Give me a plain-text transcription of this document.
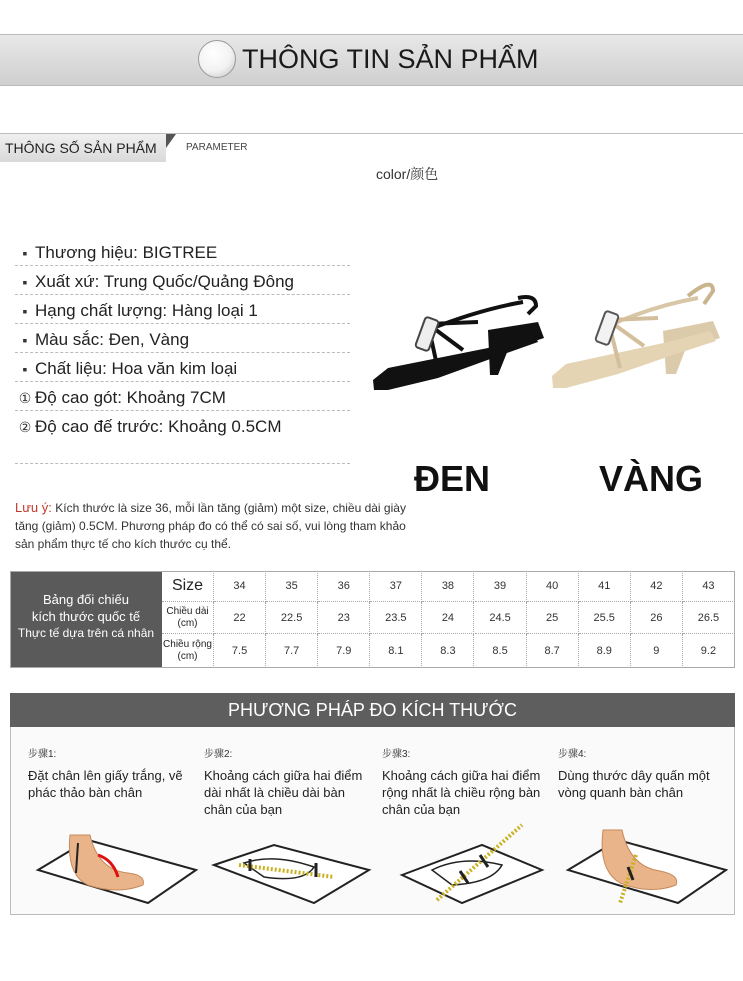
THÔNG TIN SẢN PHẨM
THÔNG SỐ SẢN PHẨM	PARAMETER
color/颜色
▪ Thương hiệu: BIGTREE
▪ Xuất xứ: Trung Quốc/Quảng Đông
▪ Hạng chất lượng: Hàng loại 1
▪ Màu sắc: Đen, Vàng
▪ Chất liệu: Hoa văn kim loại
① Độ cao gót: Khoảng 7CM
② Độ cao đế trước: Khoảng 0.5CM
ĐEN	VÀNG
Lưu ý: Kích thước là size 36, mỗi lần tăng (giảm) một size, chiều dài giày tăng (giảm) 0.5CM. Phương pháp đo có thể có sai số, vui lòng tham khảo sản phẩm thực tế cho kích thước cụ thể.
Bảng đối chiếu
kích thước quốc tế
Thực tế dựa trên cá nhân
Size	34	35	36	37	38	39	40	41	42	43
Chiều dài (cm)	22	22.5	23	23.5	24	24.5	25	25.5	26	26.5
Chiều rộng (cm)	7.5	7.7	7.9	8.1	8.3	8.5	8.7	8.9	9	9.2
PHƯƠNG PHÁP ĐO KÍCH THƯỚC
步骤1:
Đặt chân lên giấy trắng, vẽ phác thảo bàn chân
步骤2:
Khoảng cách giữa hai điểm dài nhất là chiều dài bàn chân của bạn
步骤3:
Khoảng cách giữa hai điểm rộng nhất là chiều rộng bàn chân của bạn
步骤4:
Dùng thước dây quấn một vòng quanh bàn chân
